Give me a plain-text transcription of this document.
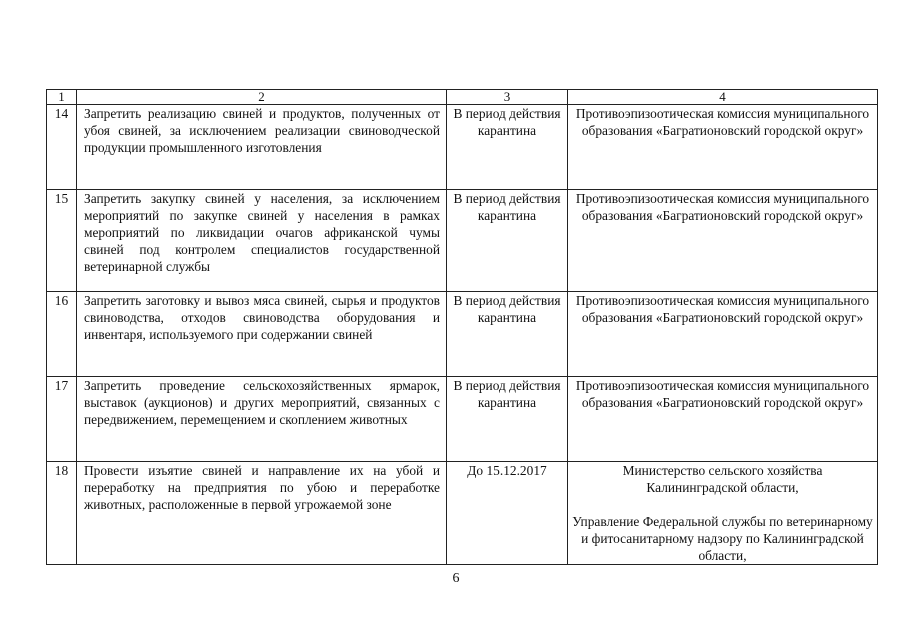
1	2	3	4
14	Запретить реализацию свиней и продуктов, полученных от убоя свиней, за исключением реализации свиноводческой продукции промышленного изготовления	В период действия карантина	Противоэпизоотическая комиссия муниципального образования «Багратионовский городской округ»
15	Запретить закупку свиней у населения, за исключением мероприятий по закупке свиней у населения в рамках мероприятий по ликвидации очагов африканской чумы свиней под контролем специалистов государственной ветеринарной службы	В период действия карантина	Противоэпизоотическая комиссия муниципального образования «Багратионовский городской округ»
16	Запретить заготовку и вывоз мяса свиней, сырья и продуктов свиноводства, отходов свиноводства оборудования и инвентаря, используемого при содержании свиней	В период действия карантина	Противоэпизоотическая комиссия муниципального образования «Багратионовский городской округ»
17	Запретить проведение сельскохозяйственных ярмарок, выставок (аукционов) и других мероприятий, связанных с передвижением, перемещением и скоплением животных	В период действия карантина	Противоэпизоотическая комиссия муниципального образования «Багратионовский городской округ»
18	Провести изъятие свиней и направление их на убой и переработку на предприятия по убою и переработке животных, расположенные в первой угрожаемой зоне	До 15.12.2017	Министерство сельского хозяйства Калининградской области,
Управление Федеральной службы по ветеринарному и фитосанитарному надзору по Калининградской области,
6
